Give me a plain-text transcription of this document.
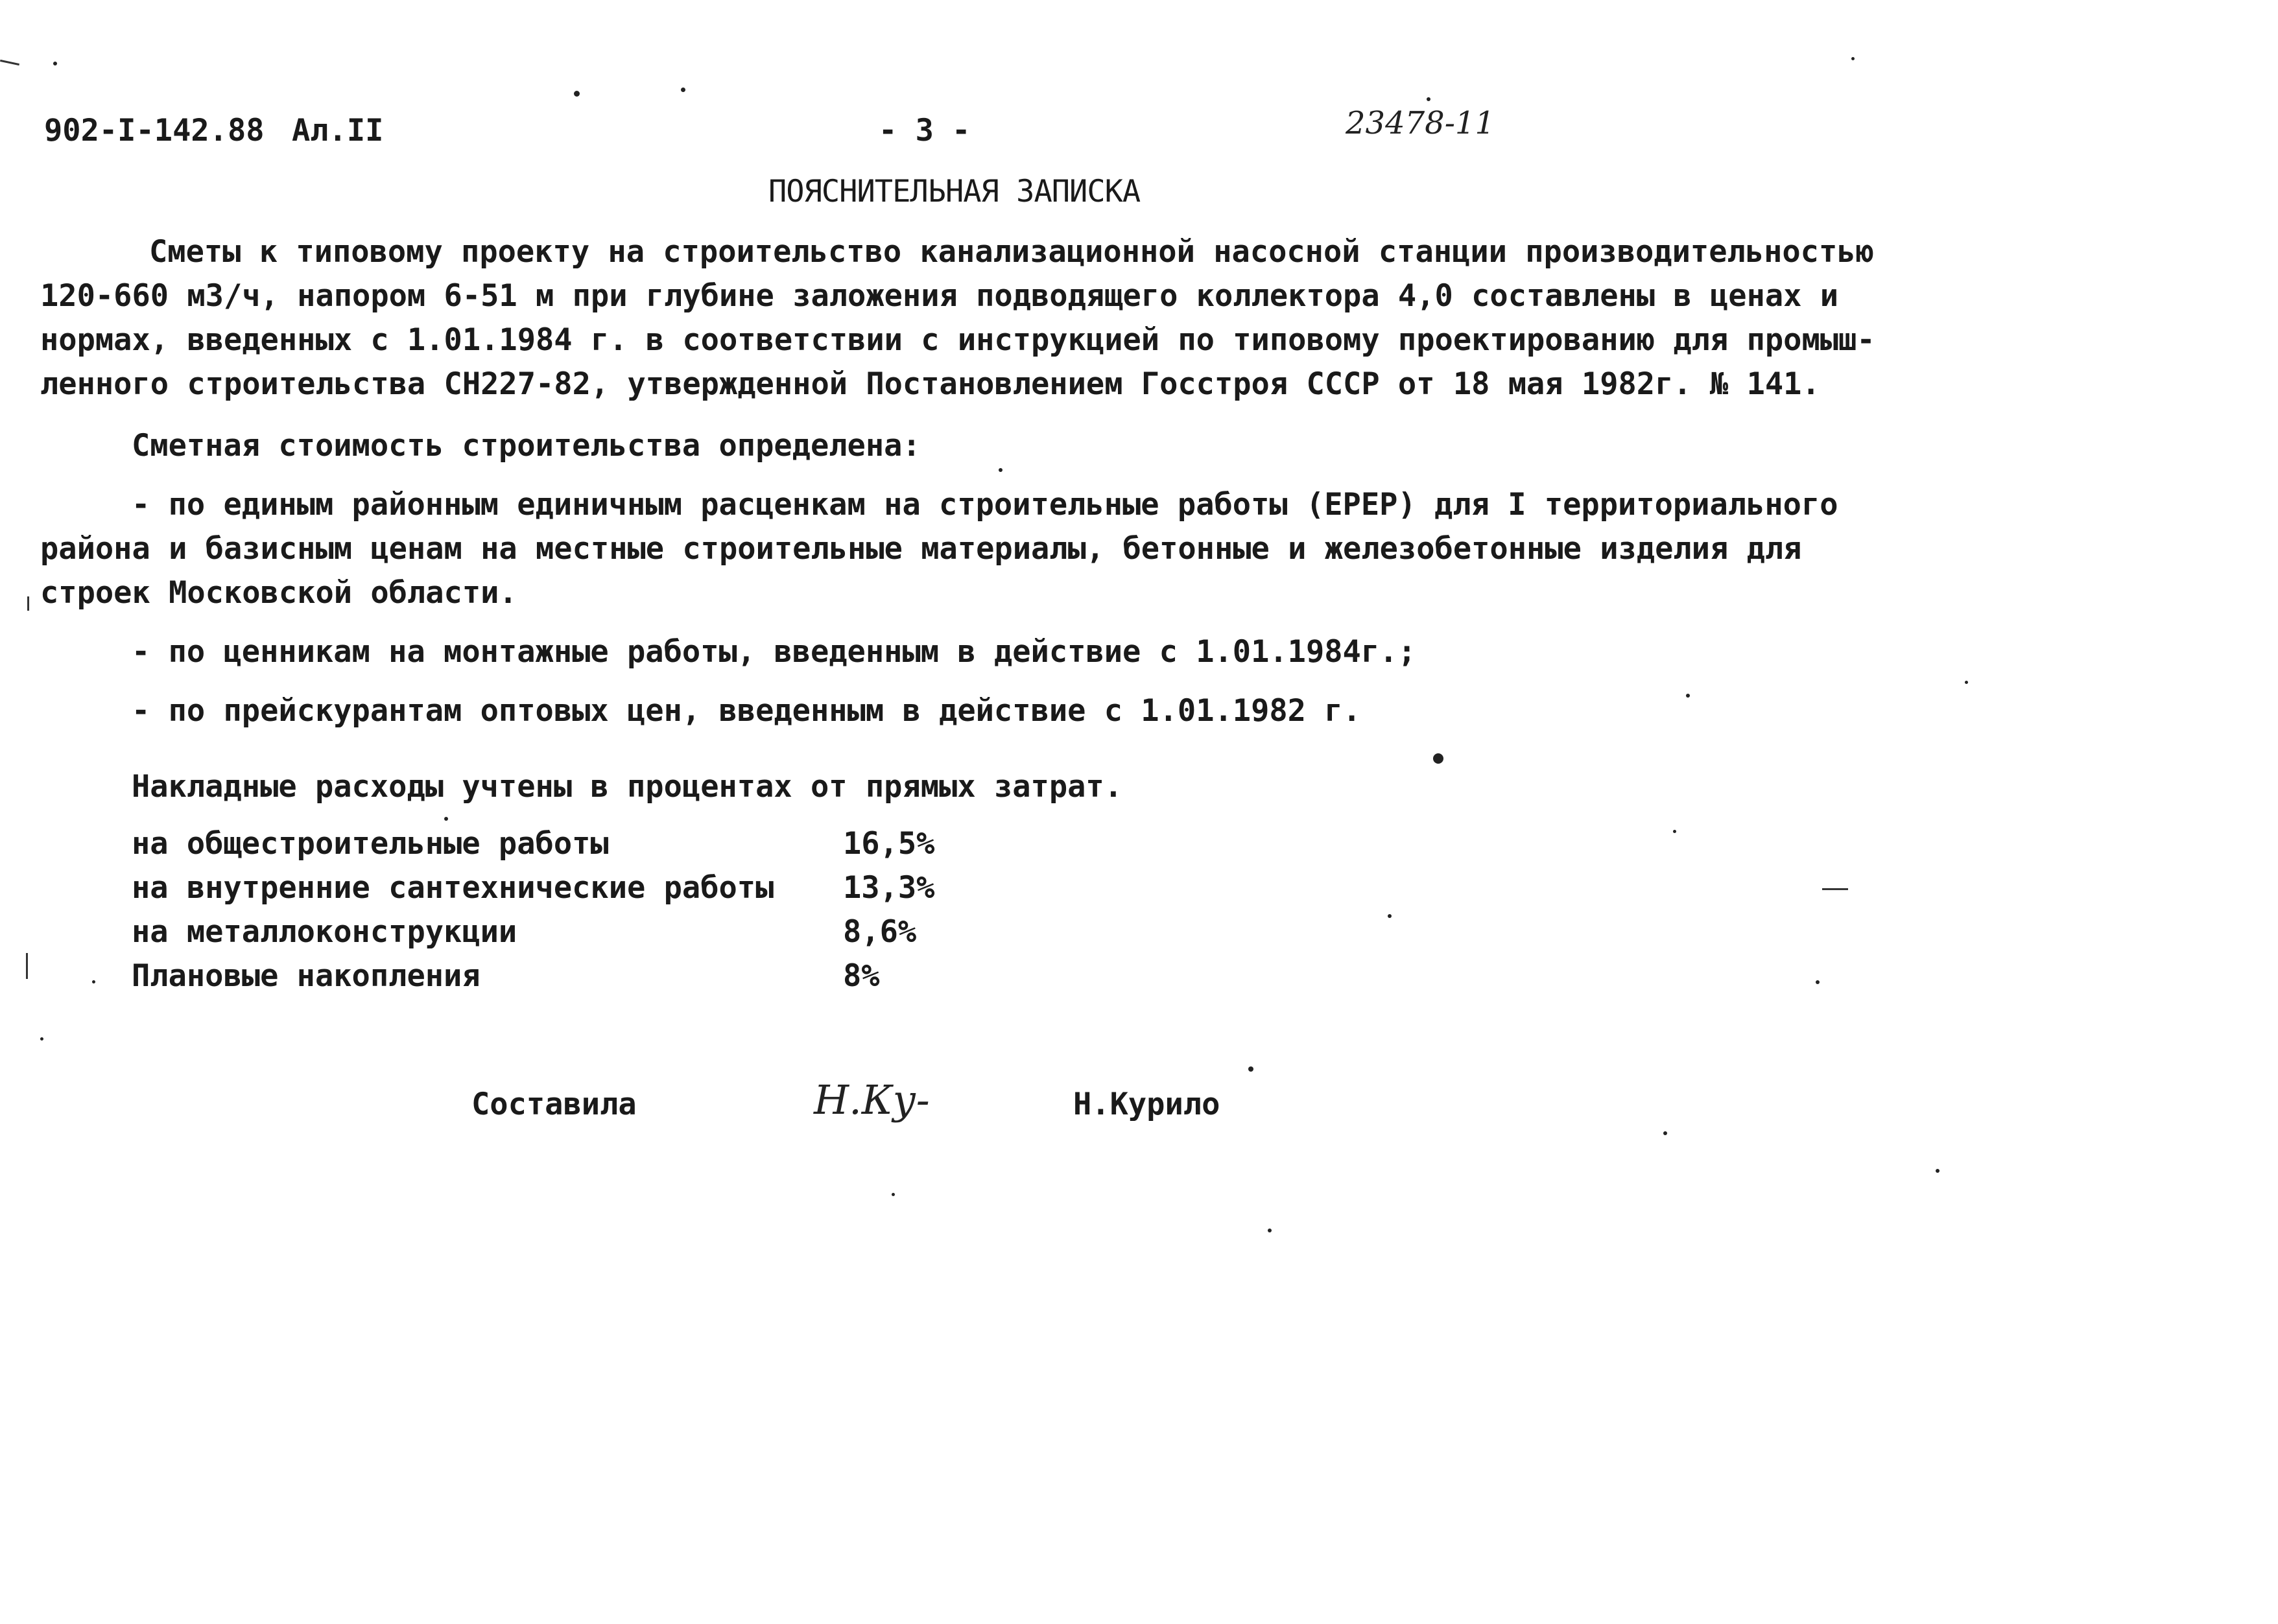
902-I-142.88 Ал.II	- 3 -	23478-11
ПОЯСНИТЕЛЬНАЯ ЗАПИСКА
Сметы к типовому проекту на строительство канализационной насосной станции производительностью
120-660 м3/ч, напором 6-51 м при глубине заложения подводящего коллектора 4,0 составлены в ценах и
нормах, введенных с 1.01.1984 г. в соответствии с инструкцией по типовому проектированию для промыш-
ленного строительства СН227-82, утвержденной Постановлением Госстроя СССР от 18 мая 1982г. № 141.
Сметная стоимость строительства определена:
- по единым районным единичным расценкам на строительные работы (ЕРЕР) для I территориального
района и базисным ценам на местные строительные материалы, бетонные и железобетонные изделия для
строек Московской области.
- по ценникам на монтажные работы, введенным в действие с 1.01.1984г.;
- по прейскурантам оптовых цен, введенным в действие с 1.01.1982 г.
Накладные расходы учтены в процентах от прямых затрат.
на общестроительные работы	16,5%
на внутренние сантехнические работы 13,3%
на металлоконструкции	8,6%
Плановые накопления	8%
Составила	Н.Ку-	Н.Курило
